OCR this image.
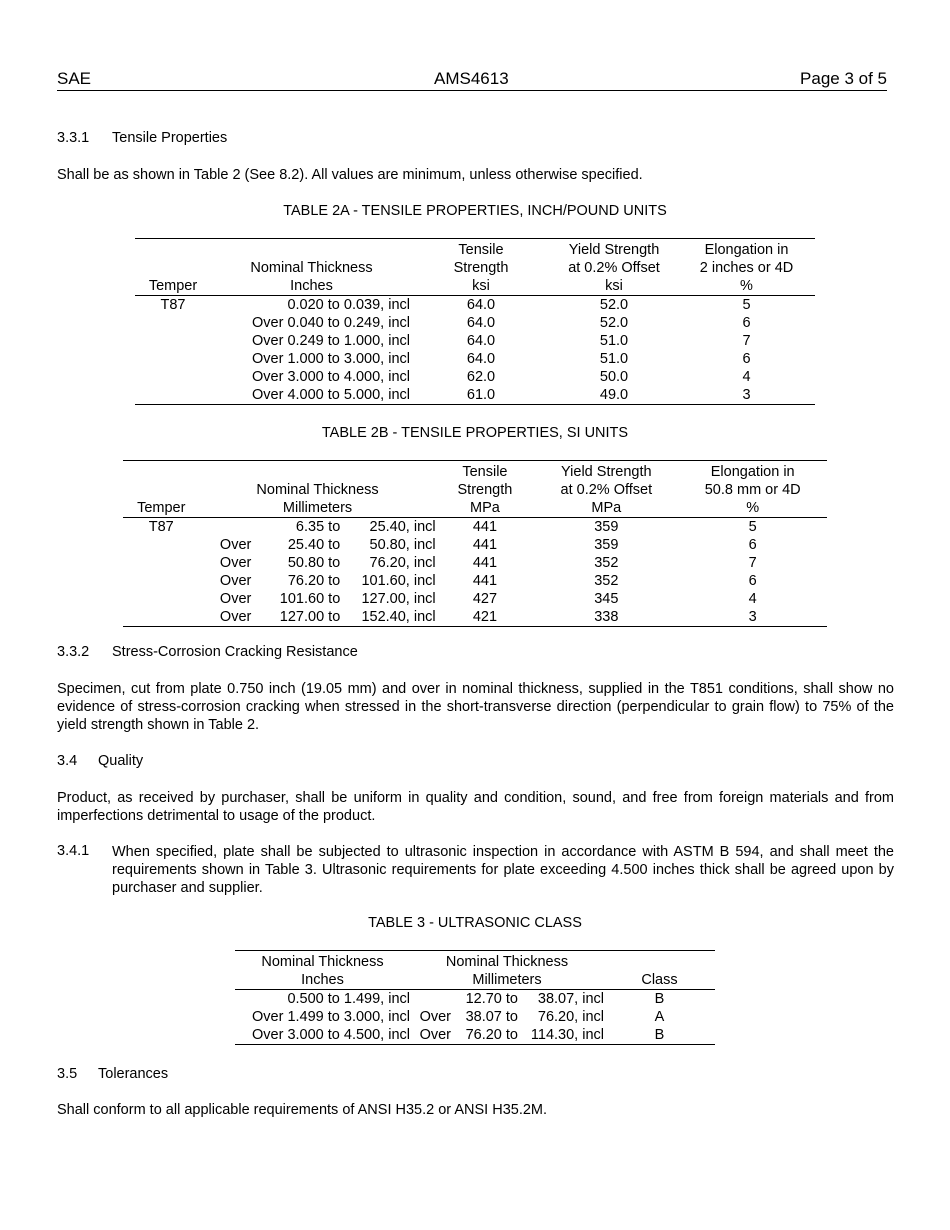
SAE	AMS4613	Page 3 of 5
3.3.1 Tensile Properties
Shall be as shown in Table 2 (See 8.2). All values are minimum, unless otherwise specified.
TABLE 2A - TENSILE PROPERTIES, INCH/POUND UNITS
		Tensile	Yield Strength	Elongation in
	Nominal Thickness	Strength	at 0.2% Offset	2 inches or 4D
Temper	Inches	ksi	ksi	%
T87	0.020 to 0.039, incl	64.0	52.0	5
	Over 0.040 to 0.249, incl	64.0	52.0	6
	Over 0.249 to 1.000, incl	64.0	51.0	7
	Over 1.000 to 3.000, incl	64.0	51.0	6
	Over 3.000 to 4.000, incl	62.0	50.0	4
	Over 4.000 to 5.000, incl	61.0	49.0	3
TABLE 2B - TENSILE PROPERTIES, SI UNITS
				Tensile	Yield Strength	Elongation in
	Nominal Thickness			Strength	at 0.2% Offset	50.8 mm or 4D
Temper	Millimeters			MPa	MPa	%
T87		6.35 to	25.40, incl	441	359	5
	Over	25.40 to	50.80, incl	441	359	6
	Over	50.80 to	76.20, incl	441	352	7
	Over	76.20 to	101.60, incl	441	352	6
	Over	101.60 to	127.00, incl	427	345	4
	Over	127.00 to	152.40, incl	421	338	3
3.3.2 Stress-Corrosion Cracking Resistance
Specimen, cut from plate 0.750 inch (19.05 mm) and over in nominal thickness, supplied in the T851 conditions, shall show no evidence of stress-corrosion cracking when stressed in the short-transverse direction (perpendicular to grain flow) to 75% of the yield strength shown in Table 2.
3.4 Quality
Product, as received by purchaser, shall be uniform in quality and condition, sound, and free from foreign materials and from imperfections detrimental to usage of the product.
3.4.1 When specified, plate shall be subjected to ultrasonic inspection in accordance with ASTM B 594, and shall meet the requirements shown in Table 3. Ultrasonic requirements for plate exceeding 4.500 inches thick shall be agreed upon by purchaser and supplier.
TABLE 3 - ULTRASONIC CLASS
Nominal Thickness	Nominal Thickness			
Inches	Millimeters			Class
0.500 to 1.499, incl		12.70 to	38.07, incl	B
Over 1.499 to 3.000, incl	Over	38.07 to	76.20, incl	A
Over 3.000 to 4.500, incl	Over	76.20 to	114.30, incl	B
3.5 Tolerances
Shall conform to all applicable requirements of ANSI H35.2 or ANSI H35.2M.
